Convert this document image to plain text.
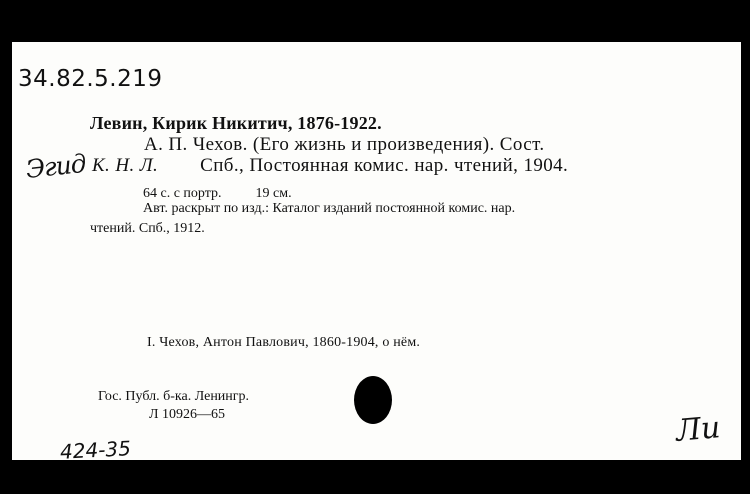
34.82.5.219
Левин, Кирик Никитич, 1876-1922.
А. П. Чехов. (Его жизнь и произведения). Сост.
Эгид К. Н. Л. Спб., Постоянная комис. нар. чтений, 1904.
64 с. с портр. 19 см.
Авт. раскрыт по изд.: Каталог изданий постоянной комис. нар.
чтений. Спб., 1912.
I. Чехов, Антон Павлович, 1860-1904, о нём.
Гос. Публ. б-ка. Ленингр.
Л 10926—65
424-35
Ли
